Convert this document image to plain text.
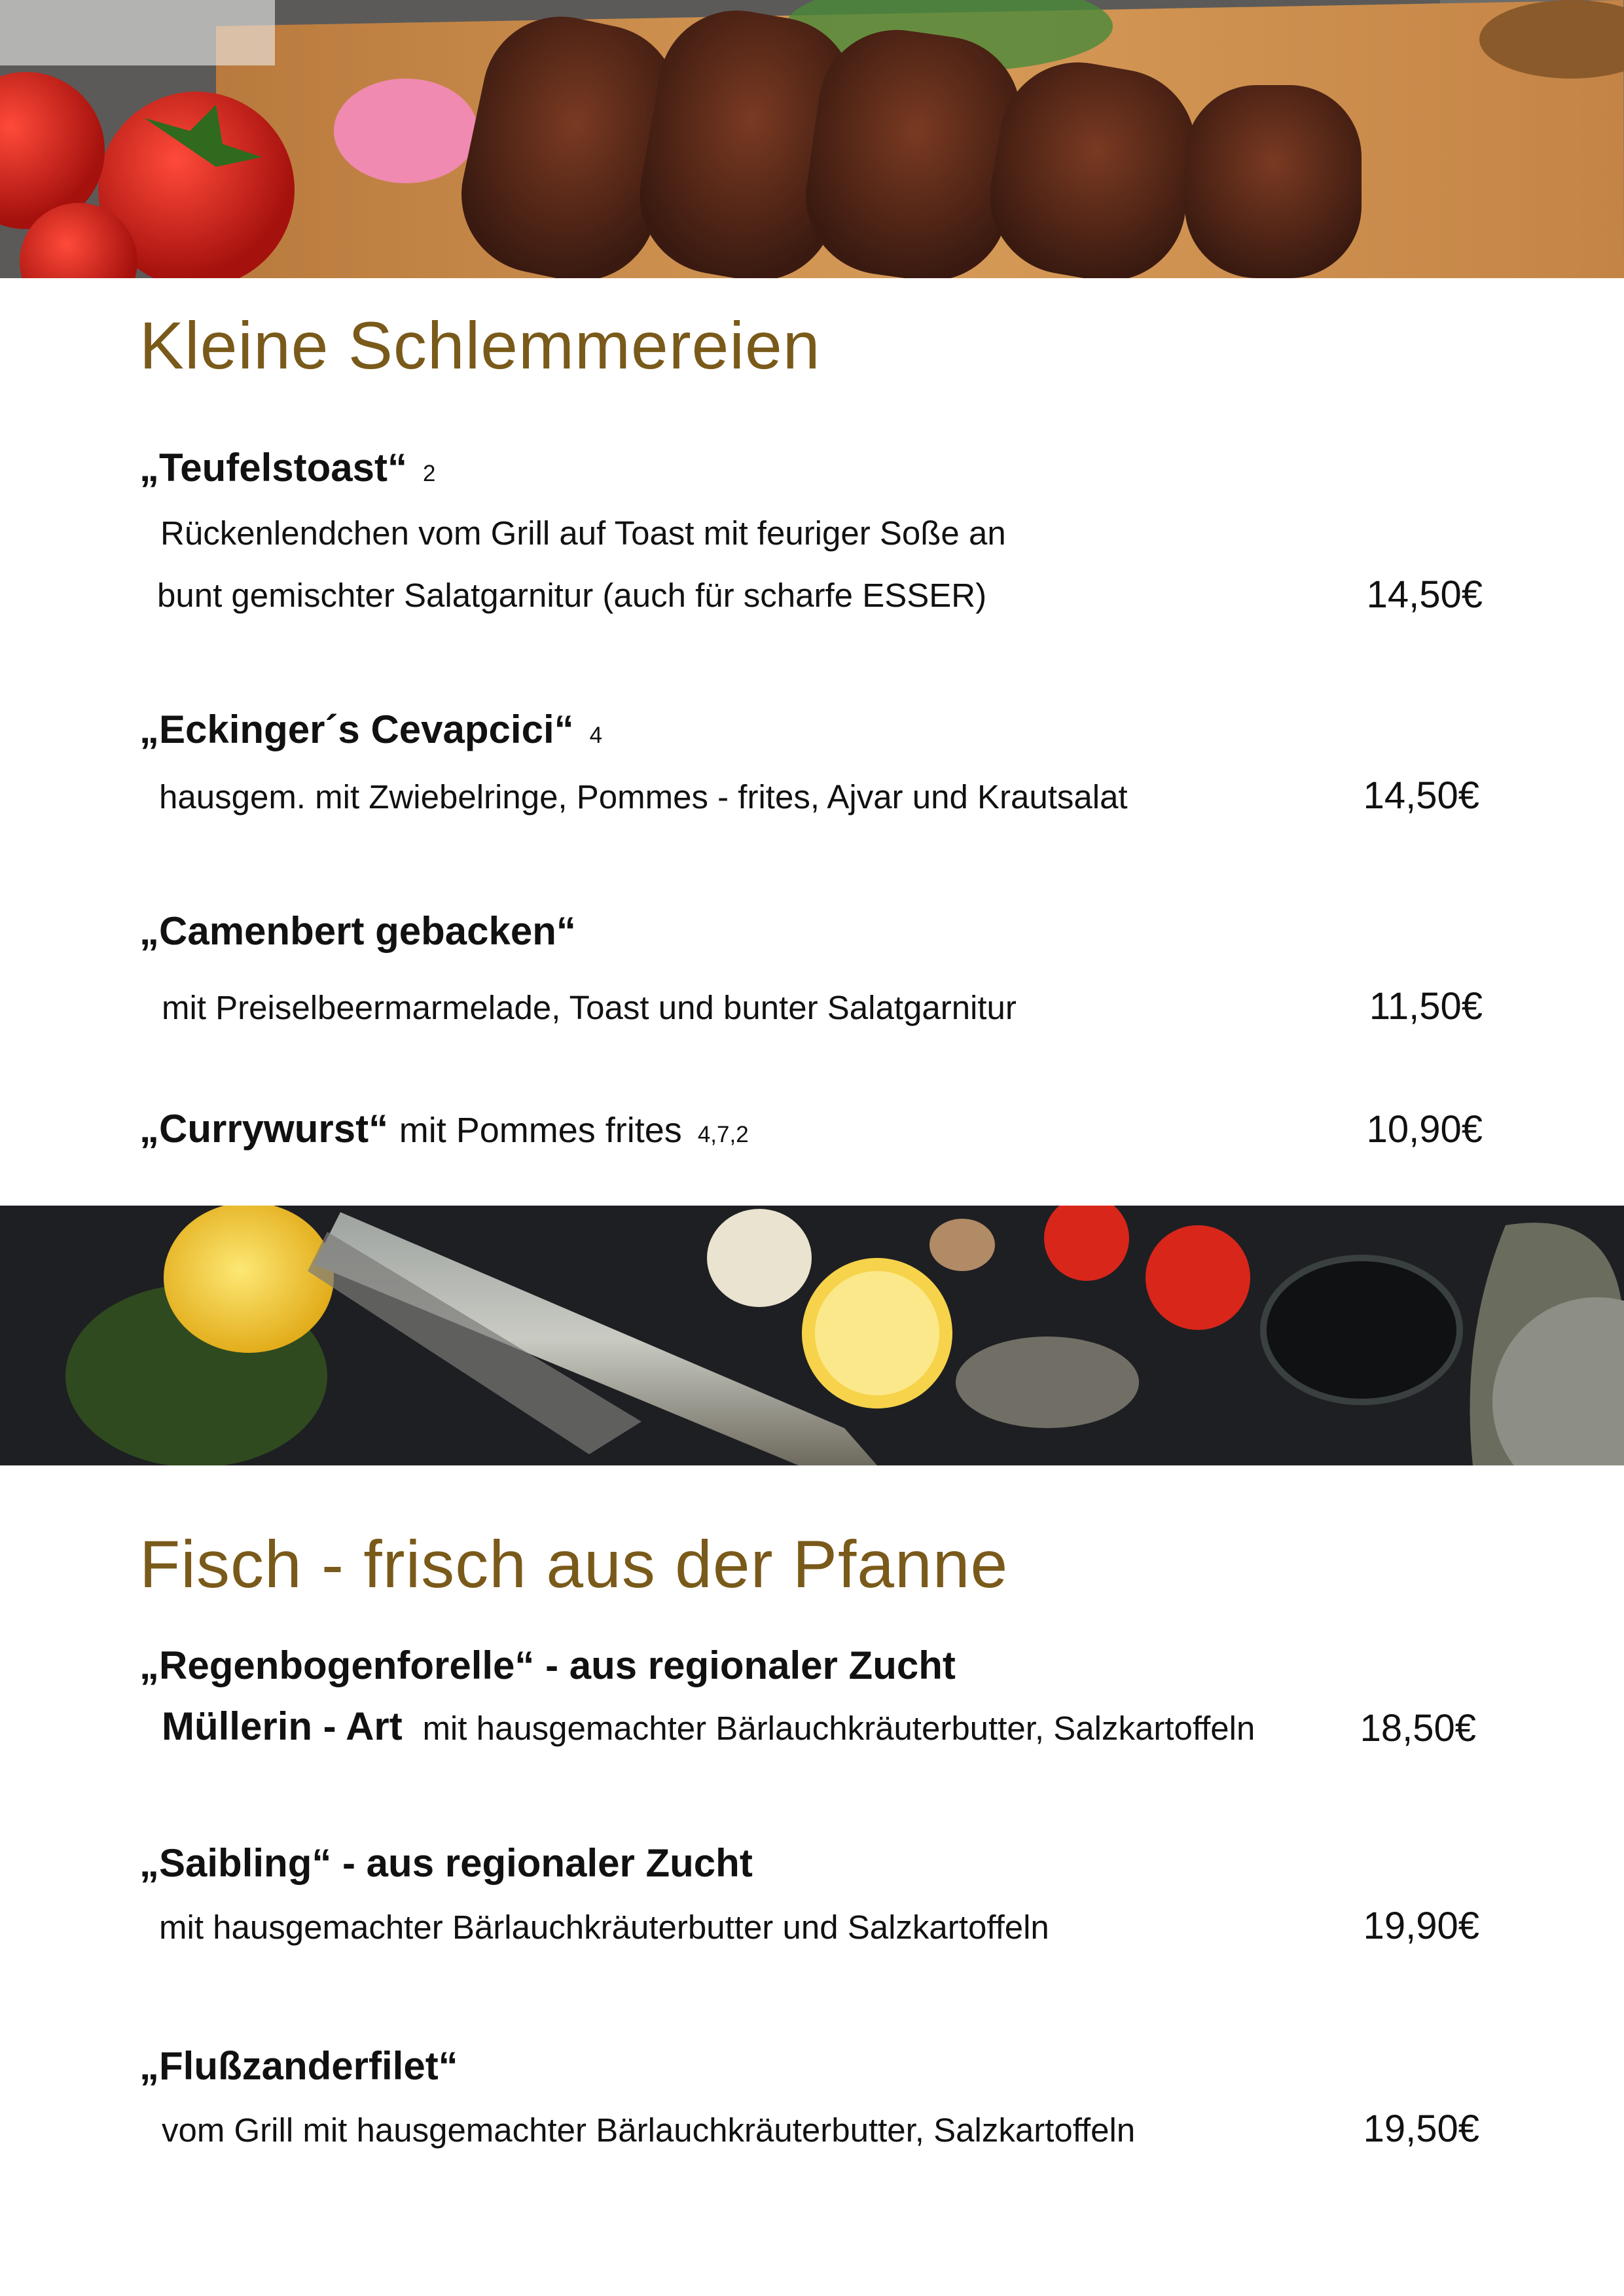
Kleine Schlemmereien
„Teufelstoast“ 2
Rückenlendchen vom Grill auf Toast mit feuriger Soße an
bunt gemischter Salatgarnitur (auch für scharfe ESSER)	14,50€
„Eckinger´s Cevapcici“ 4
hausgem. mit Zwiebelringe, Pommes - frites, Ajvar und Krautsalat	14,50€
„Camenbert gebacken“
mit Preiselbeermarmelade, Toast und bunter Salatgarnitur	11,50€
„Currywurst“ mit Pommes frites 4,7,2	10,90€
Fisch - frisch aus der Pfanne
„Regenbogenforelle“ - aus regionaler Zucht
Müllerin - Art mit hausgemachter Bärlauchkräuterbutter, Salzkartoffeln	18,50€
„Saibling“ - aus regionaler Zucht
mit hausgemachter Bärlauchkräuterbutter und Salzkartoffeln	19,90€
„Flußzanderfilet“
vom Grill mit hausgemachter Bärlauchkräuterbutter, Salzkartoffeln	19,50€
